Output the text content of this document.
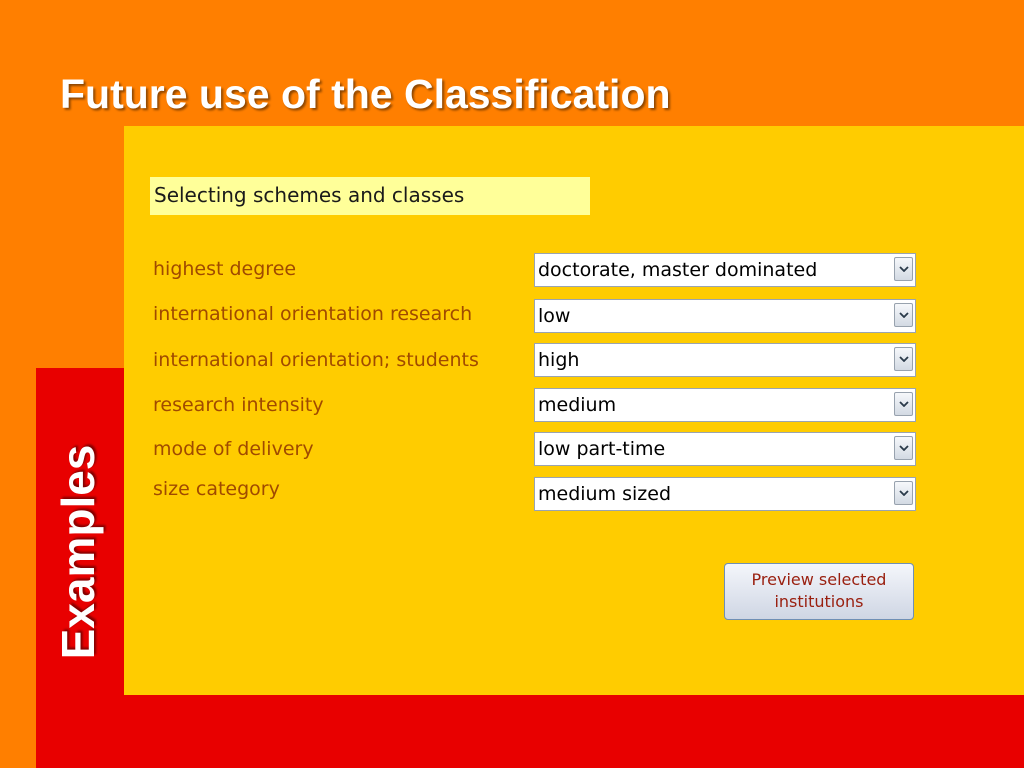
Examples
Future use of the Classification
Selecting schemes and classes
highest degree	doctorate, master dominated
international orientation research	low
international orientation; students	high
research intensity	medium
mode of delivery	low part-time
size category	medium sized
Preview selected
institutions
